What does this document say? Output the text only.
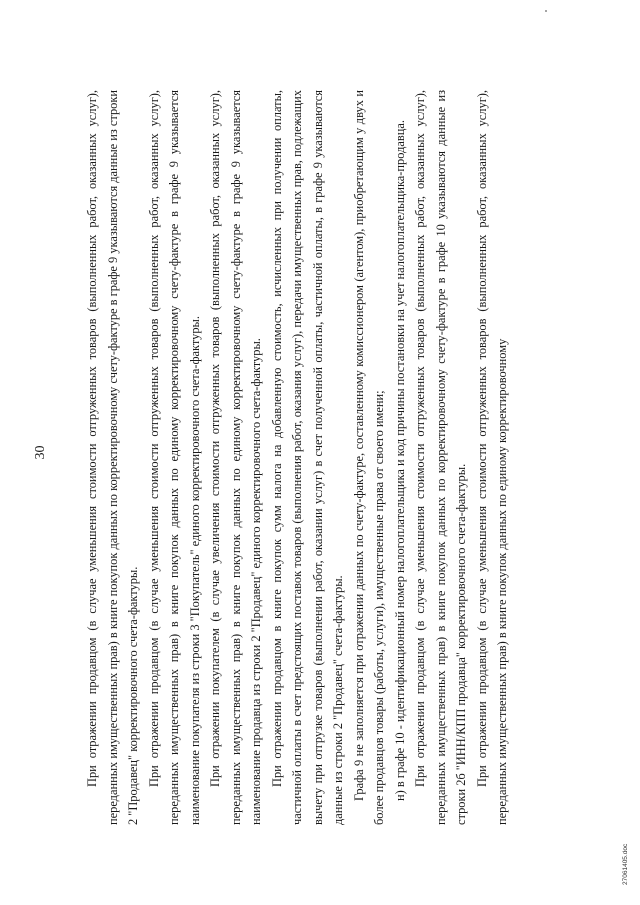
30	При отражении продавцом (в случае уменьшения стоимости отгруженных товаров (выполненных работ, оказанных услуг), переданных имущественных прав) в книге покупок данных по корректировочному счету-фактуре в графе 9 указываются данные из строки 2 "Продавец" корректировочного счета-фактуры. При отражении продавцом (в случае уменьшения стоимости отгруженных товаров (выполненных работ, оказанных услуг), переданных имущественных прав) в книге покупок данных по единому корректировочному счету-фактуре в графе 9 указывается наименование покупателя из строки 3 "Покупатель" единого корректировочного счета-фактуры. При отражении покупателем (в случае увеличения стоимости отгруженных товаров (выполненных работ, оказанных услуг), переданных имущественных прав) в книге покупок данных по единому корректировочному счету-фактуре в графе 9 указывается наименование продавца из строки 2 "Продавец" единого корректировочного счета-фактуры. При отражении продавцом в книге покупок сумм налога на добавленную стоимость, исчисленных при получении оплаты, частичной оплаты в счет предстоящих поставок товаров (выполнения работ, оказания услуг), передачи имущественных прав, подлежащих вычету при отгрузке товаров (выполнении работ, оказании услуг) в счет полученной оплаты, частичной оплаты, в графе 9 указываются данные из строки 2 "Продавец" счета-фактуры. Графа 9 не заполняется при отражении данных по счету-фактуре, составленному комиссионером (агентом), приобретающим у двух и более продавцов товары (работы, услуги), имущественные права от своего имени; н) в графе 10 - идентификационный номер налогоплательщика и код причины постановки на учет налогоплательщика-продавца. При отражении продавцом (в случае уменьшения стоимости отгруженных товаров (выполненных работ, оказанных услуг), переданных имущественных прав) в книге покупок данных по корректировочному счету-фактуре в графе 10 указываются данные из строки 2б "ИНН/КПП продавца" корректировочного счета-фактуры. При отражении продавцом (в случае уменьшения стоимости отгруженных товаров (выполненных работ, оказанных услуг), переданных имущественных прав) в книге покупок данных по единому корректировочному

27061405.doc
